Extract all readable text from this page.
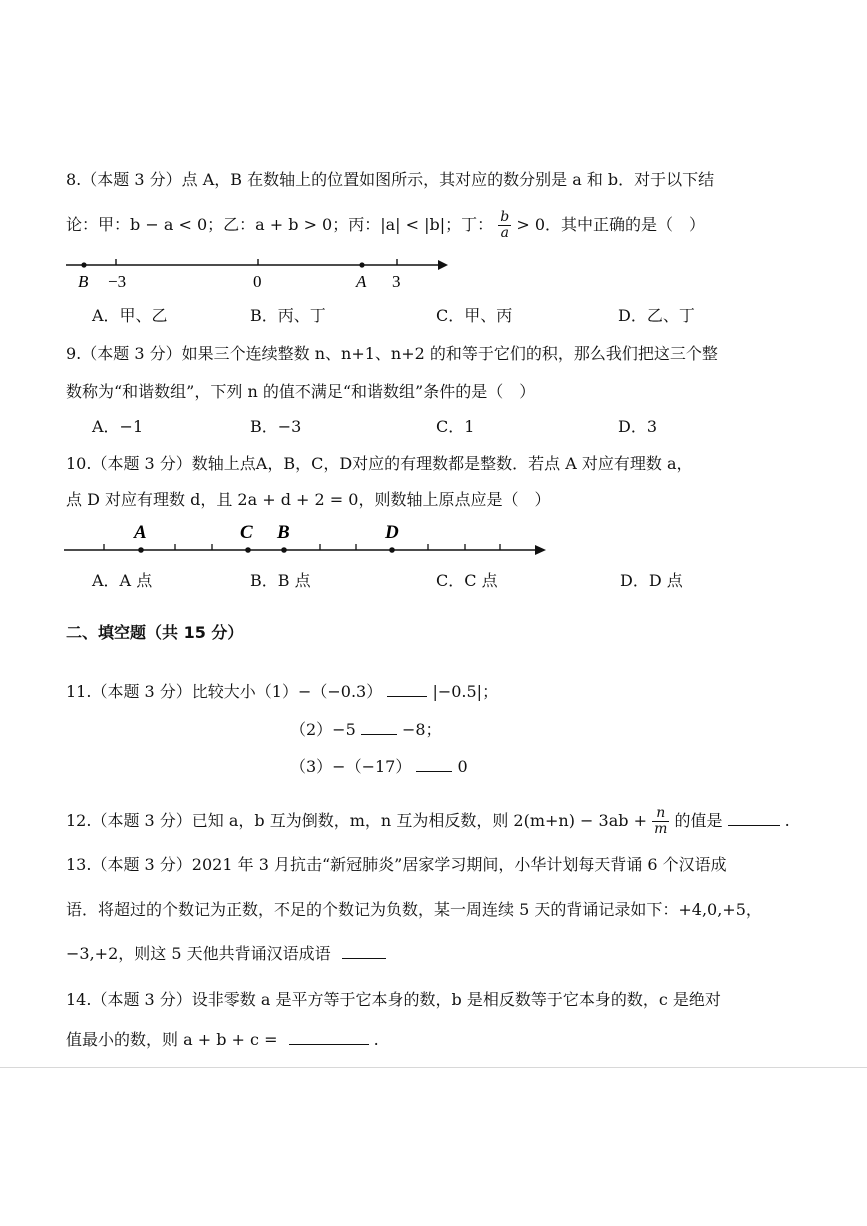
8.（本题 3 分）点 A，B 在数轴上的位置如图所示，其对应的数分别是 a 和 b．对于以下结
论：甲：b − a < 0；乙：a + b > 0；丙：|a| < |b|；丁： $\frac{b}{a} > 0$．其中正确的是（　）
B −3	0	A 3
A．甲、乙	B．丙、丁	C．甲、丙	D．乙、丁
9.（本题 3 分）如果三个连续整数 n、n+1、n+2 的和等于它们的积，那么我们把这三个整
数称为“和谐数组”，下列 n 的值不满足“和谐数组”条件的是（　）
A．−1	B．−3	C．1	D．3
10.（本题 3 分）数轴上点A，B，C，D对应的有理数都是整数．若点 A 对应有理数 a，
点 D 对应有理数 d，且 2a + d + 2 = 0，则数轴上原点应是（　）
A	C B	D
A．A 点	B．B 点	C．C 点	D．D 点
二、填空题（共 15 分）
11.（本题 3 分）比较大小（1）−（−0.3）	|−0.5|；
（2）−5	−8；
（3）−（−17）	0
12.（本题 3 分）已知 a，b 互为倒数，m，n 互为相反数，则 $2(m+n) - 3ab + \frac{n}{m}$ 的值是	.
13.（本题 3 分）2021 年 3 月抗击“新冠肺炎”居家学习期间，小华计划每天背诵 6 个汉语成
语．将超过的个数记为正数，不足的个数记为负数，某一周连续 5 天的背诵记录如下：+4,0,+5，
−3,+2，则这 5 天他共背诵汉语成语
14.（本题 3 分）设非零数 a 是平方等于它本身的数，b 是相反数等于它本身的数，c 是绝对
值最小的数，则 a + b + c =	.
